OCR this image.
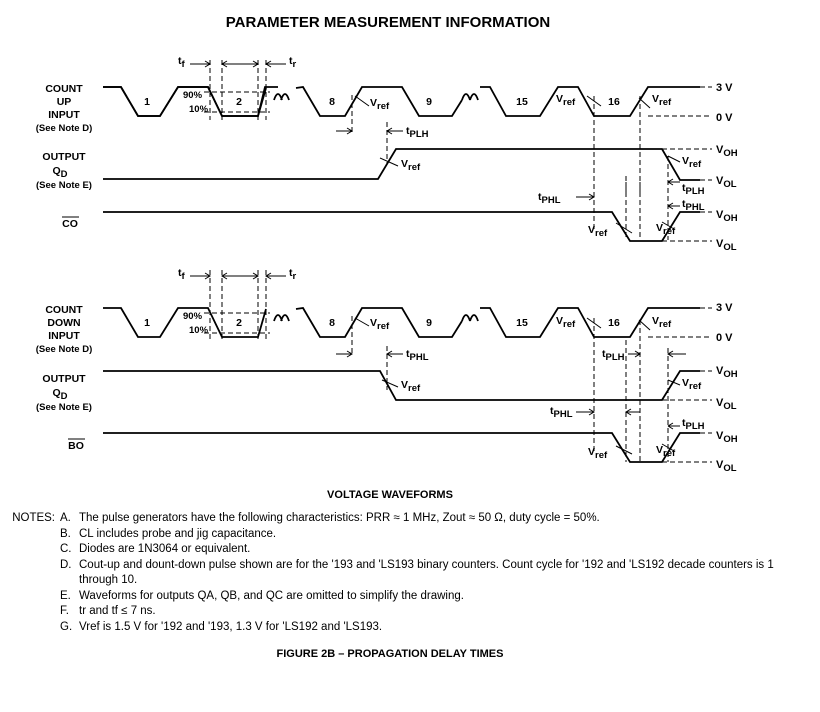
PARAMETER MEASUREMENT INFORMATION
COUNT
UP
INPUT
(See Note D)
OUTPUT
QD
(See Note E)
CO
3 V
0 V
1	2	8	9	15	16
90%
10%
tf	tr
Vref
Vref	Vref
tPLH
Vref
VOH
VOL
Vref
tPHL
tPLH
tPHL
VOH
VOL
Vref	Vref
COUNT
DOWN
INPUT
(See Note D)
OUTPUT
QD
(See Note E)
BO
3 V
0 V
1	2	8	9	15	16
90%
10%
tf	tr
Vref	Vref	Vref
tPHL
Vref
VOH
VOL
Vref
tPLH
tPHL
tPLH
VOH
VOL
Vref	Vref
VOLTAGE WAVEFORMS
NOTES: A. The pulse generators have the following characteristics: PRR ≈ 1 MHz, Zout ≈ 50 Ω, duty cycle = 50%.
B. CL includes probe and jig capacitance.
C. Diodes are 1N3064 or equivalent.
D. Cout-up and dount-down pulse shown are for the '193 and 'LS193 binary counters. Count cycle for '192 and 'LS192 decade counters is 1 through 10.
E. Waveforms for outputs QA, QB, and QC are omitted to simplify the drawing.
F. tr and tf ≤ 7 ns.
G. Vref is 1.5 V for '192 and '193, 1.3 V for 'LS192 and 'LS193.
FIGURE 2B – PROPAGATION DELAY TIMES
